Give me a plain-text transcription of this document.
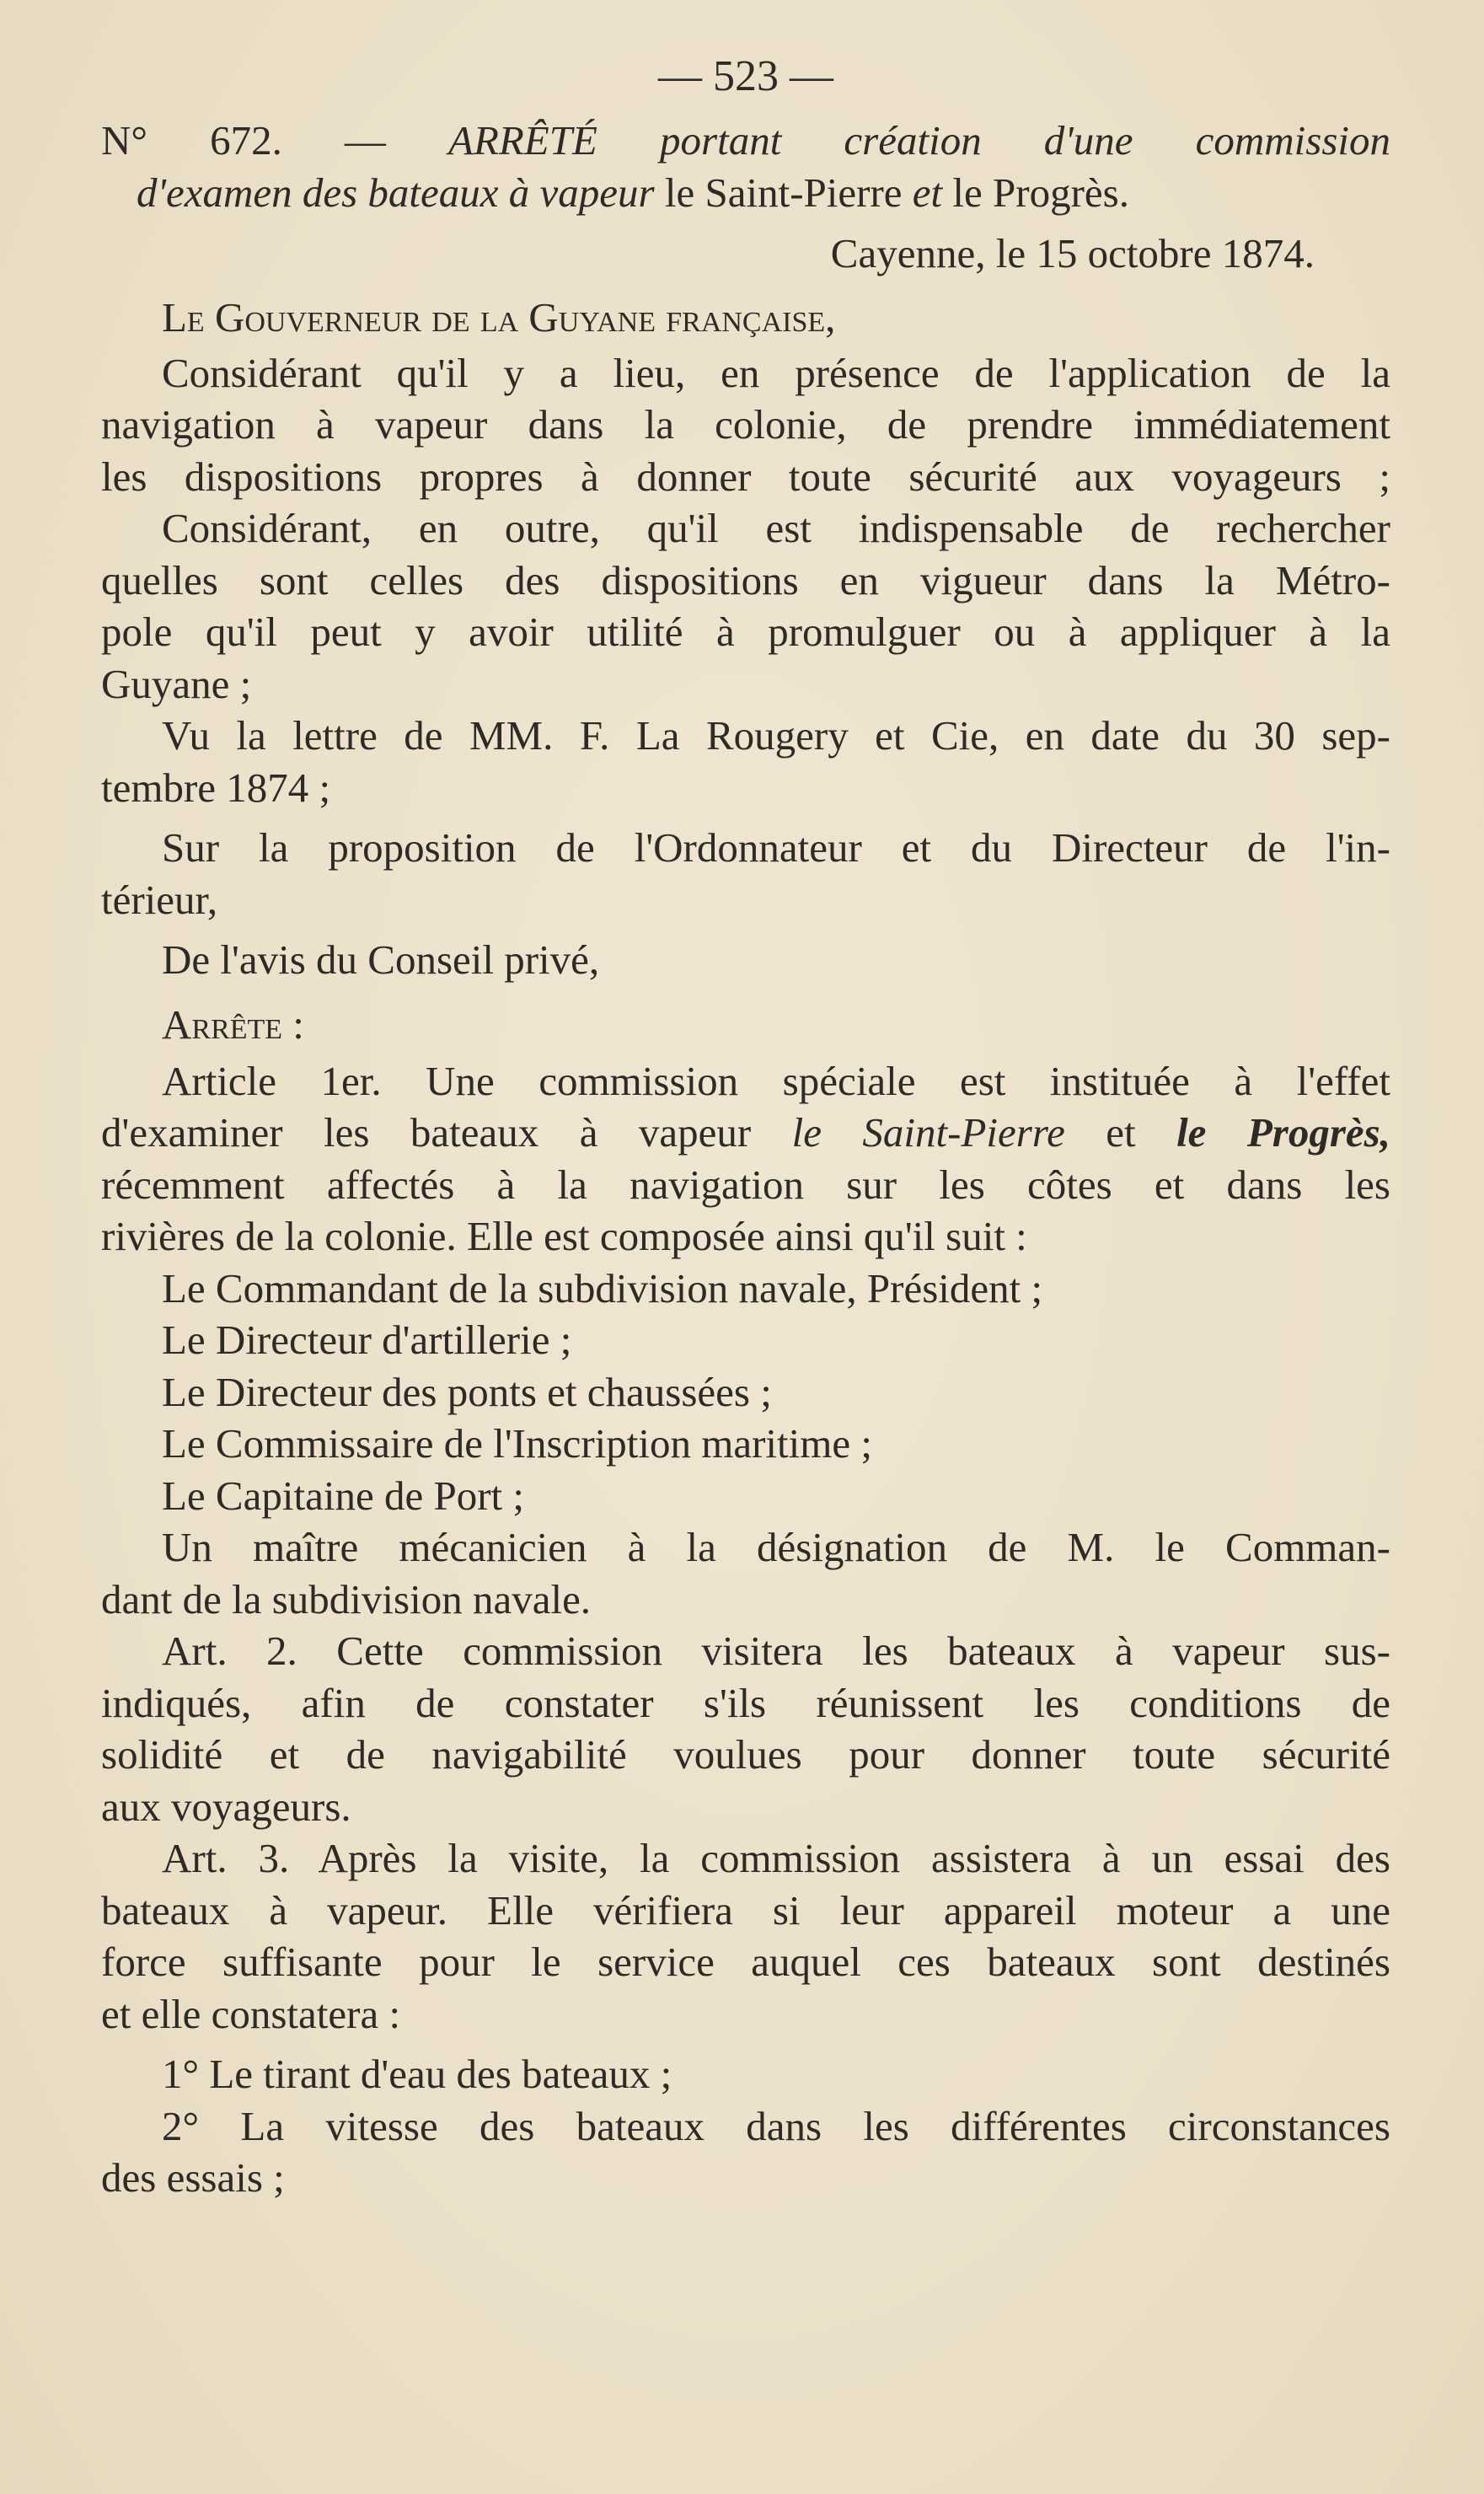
— 523 —
N° 672. — ARRÊTÉ portant création d'une commission
d'examen des bateaux à vapeur le Saint-Pierre et le Progrès.
Cayenne, le 15 octobre 1874.
Le Gouverneur de la Guyane française,
Considérant qu'il y a lieu, en présence de l'application de la
navigation à vapeur dans la colonie, de prendre immédiatement
les dispositions propres à donner toute sécurité aux voyageurs ;
Considérant, en outre, qu'il est indispensable de rechercher
quelles sont celles des dispositions en vigueur dans la Métro-
pole qu'il peut y avoir utilité à promulguer ou à appliquer à la
Guyane ;
Vu la lettre de MM. F. La Rougery et Cie, en date du 30 sep-
tembre 1874 ;
Sur la proposition de l'Ordonnateur et du Directeur de l'in-
térieur,
De l'avis du Conseil privé,
Arrête :
Article 1er. Une commission spéciale est instituée à l'effet
d'examiner les bateaux à vapeur le Saint-Pierre et le Progrès,
récemment affectés à la navigation sur les côtes et dans les
rivières de la colonie. Elle est composée ainsi qu'il suit :
Le Commandant de la subdivision navale, Président ;
Le Directeur d'artillerie ;
Le Directeur des ponts et chaussées ;
Le Commissaire de l'Inscription maritime ;
Le Capitaine de Port ;
Un maître mécanicien à la désignation de M. le Comman-
dant de la subdivision navale.
Art. 2. Cette commission visitera les bateaux à vapeur sus-
indiqués, afin de constater s'ils réunissent les conditions de
solidité et de navigabilité voulues pour donner toute sécurité
aux voyageurs.
Art. 3. Après la visite, la commission assistera à un essai des
bateaux à vapeur. Elle vérifiera si leur appareil moteur a une
force suffisante pour le service auquel ces bateaux sont destinés
et elle constatera :
1° Le tirant d'eau des bateaux ;
2° La vitesse des bateaux dans les différentes circonstances
des essais ;
